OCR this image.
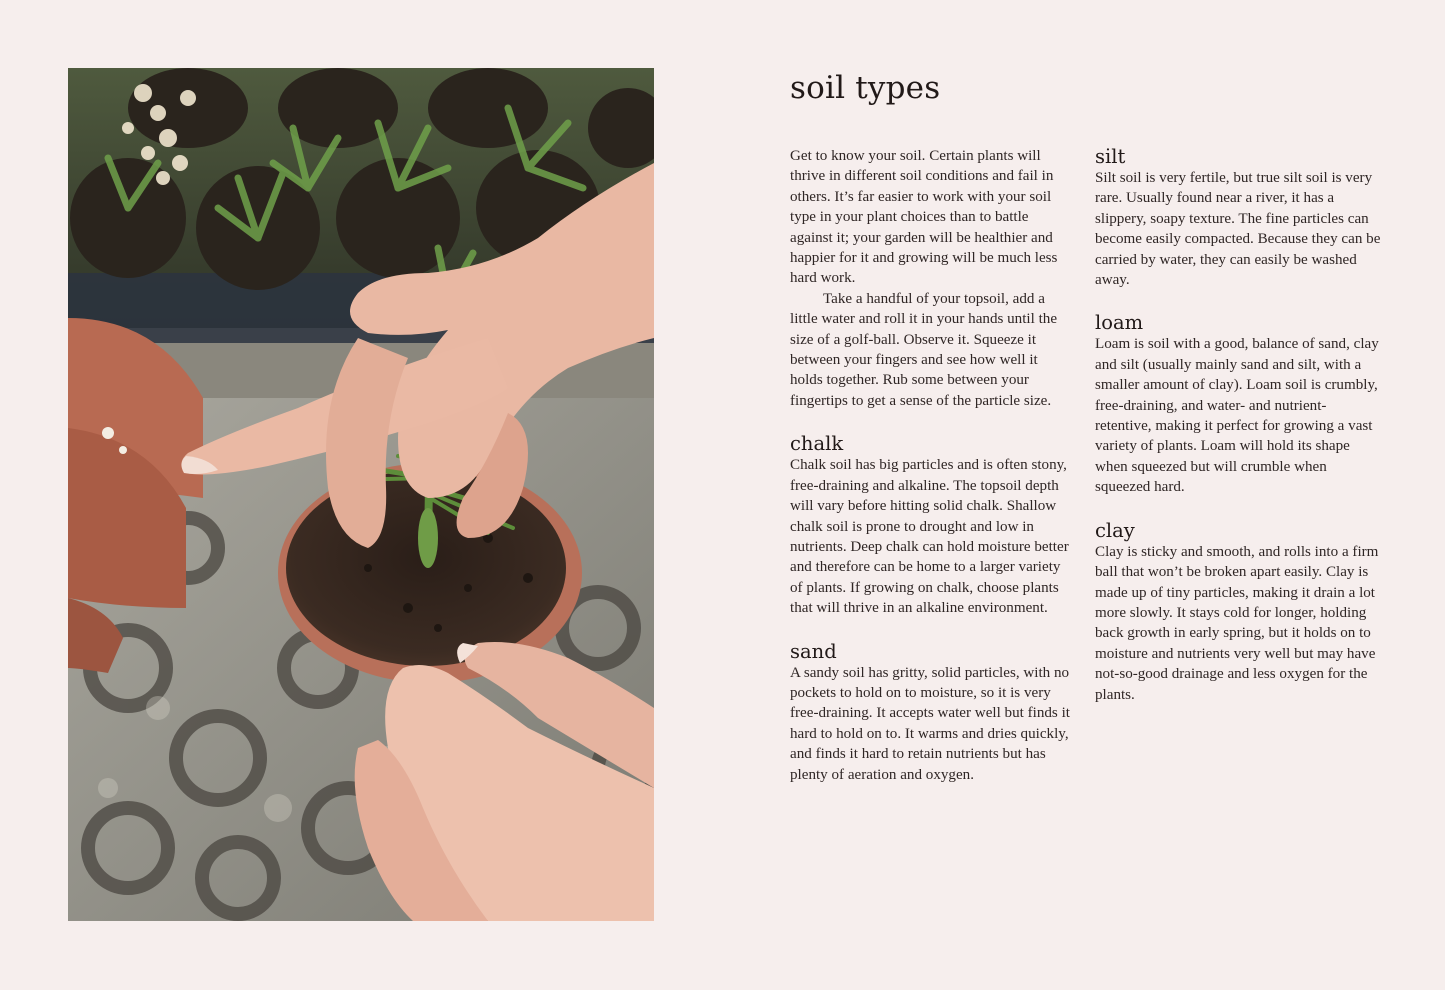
soil types

Get to know your soil. Certain plants will thrive in different soil conditions and fail in others. It’s far easier to work with your soil type in your plant choices than to battle against it; your garden will be healthier and happier for it and growing will be much less hard work.

Take a handful of your topsoil, add a little water and roll it in your hands until the size of a golf-ball. Observe it. Squeeze it between your fingers and see how well it holds together. Rub some between your fingertips to get a sense of the particle size.

chalk

Chalk soil has big particles and is often stony, free-draining and alkaline. The topsoil depth will vary before hitting solid chalk. Shallow chalk soil is prone to drought and low in nutrients. Deep chalk can hold moisture better and therefore can be home to a larger variety of plants. If growing on chalk, choose plants that will thrive in an alkaline environment.

sand

A sandy soil has gritty, solid particles, with no pockets to hold on to moisture, so it is very free-draining. It accepts water well but finds it hard to hold on to. It warms and dries quickly, and finds it hard to retain nutrients but has plenty of aeration and oxygen.

silt

Silt soil is very fertile, but true silt soil is very rare. Usually found near a river, it has a slippery, soapy texture. The fine particles can become easily compacted. Because they can be carried by water, they can easily be washed away.

loam

Loam is soil with a good, balance of sand, clay and silt (usually mainly sand and silt, with a smaller amount of clay). Loam soil is crumbly, free-draining, and water- and nutrient-retentive, making it perfect for growing a vast variety of plants. Loam will hold its shape when squeezed but will crumble when squeezed hard.

clay

Clay is sticky and smooth, and rolls into a firm ball that won’t be broken apart easily. Clay is made up of tiny particles, making it drain a lot more slowly. It stays cold for longer, holding back growth in early spring, but it holds on to moisture and nutrients very well but may have not-so-good drainage and less oxygen for the plants.
